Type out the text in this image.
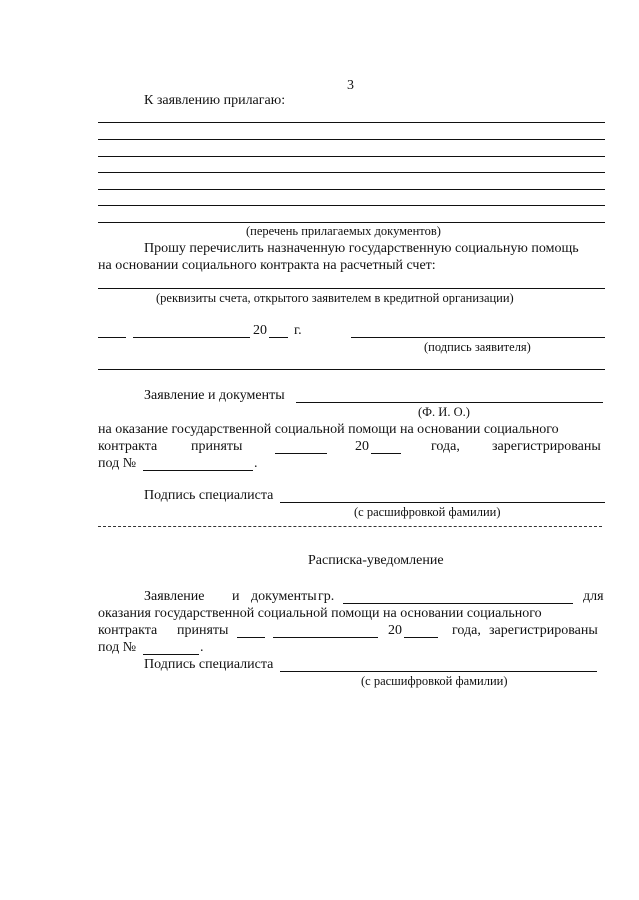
3
К заявлению прилагаю:
(перечень прилагаемых документов)
Прошу перечислить назначенную государственную социальную помощь
на основании социального контракта на расчетный счет:
(реквизиты счета, открытого заявителем в кредитной организации)
20 г.
(подпись заявителя)
Заявление и документы
(Ф. И. О.)
на оказание государственной социальной помощи на основании социального
контракта приняты	20	года, зарегистрированы
под №	.
Подпись специалиста
(с расшифровкой фамилии)
Расписка-уведомление
Заявление и документы гр.	для
оказания государственной социальной помощи на основании социального
контракта приняты	20	года, зарегистрированы
под №	.
Подпись специалиста
(с расшифровкой фамилии)
